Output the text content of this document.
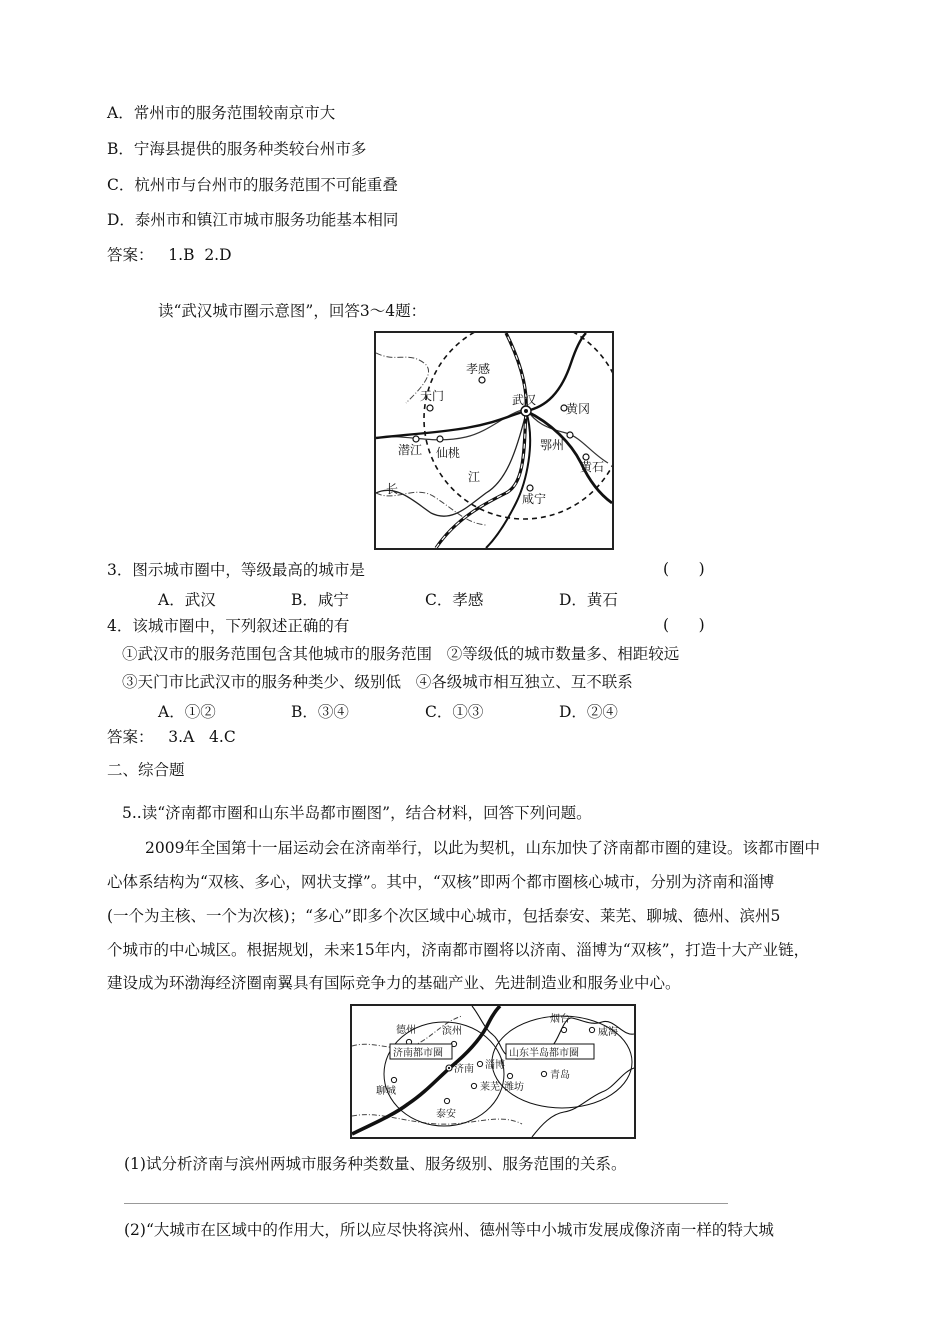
A．常州市的服务范围较南京市大
B．宁海县提供的服务种类较台州市多
C．杭州市与台州市的服务范围不可能重叠
D．泰州市和镇江市城市服务功能基本相同
答案：   1.B  2.D
读“武汉城市圈示意图”，回答3～4题：
孝感
天门	武汉
黄冈
潜江 仙桃
鄂州
黄石
江
长
咸宁
3．图示城市圈中，等级最高的城市是	(      )
A．武汉	B．咸宁	C．孝感	D．黄石
4．该城市圈中，下列叙述正确的有	(      )
①武汉市的服务范围包含其他城市的服务范围   ②等级低的城市数量多、相距较远
③天门市比武汉市的服务种类少、级别低   ④各级城市相互独立、互不联系
A．①②	B．③④	C．①③	D．②④
答案：   3.A   4.C
二、综合题
5..读“济南都市圈和山东半岛都市圈图”，结合材料，回答下列问题。
2009年全国第十一届运动会在济南举行，以此为契机，山东加快了济南都市圈的建设。该都市圈中
心体系结构为“双核、多心，网状支撑”。其中，“双核”即两个都市圈核心城市，分别为济南和淄博
(一个为主核、一个为次核)；“多心”即多个次区域中心城市，包括泰安、莱芜、聊城、德州、滨州5
个城市的中心城区。根据规划，未来15年内，济南都市圈将以济南、淄博为“双核”，打造十大产业链，
建设成为环渤海经济圈南翼具有国际竞争力的基础产业、先进制造业和服务业中心。
德州	滨州
烟台
威海
济南都市圈	山东半岛都市圈
聊城
济南 淄博
潍坊
青岛
莱芜
泰安
(1)试分析济南与滨州两城市服务种类数量、服务级别、服务范围的关系。
(2)“大城市在区域中的作用大，所以应尽快将滨州、德州等中小城市发展成像济南一样的特大城
